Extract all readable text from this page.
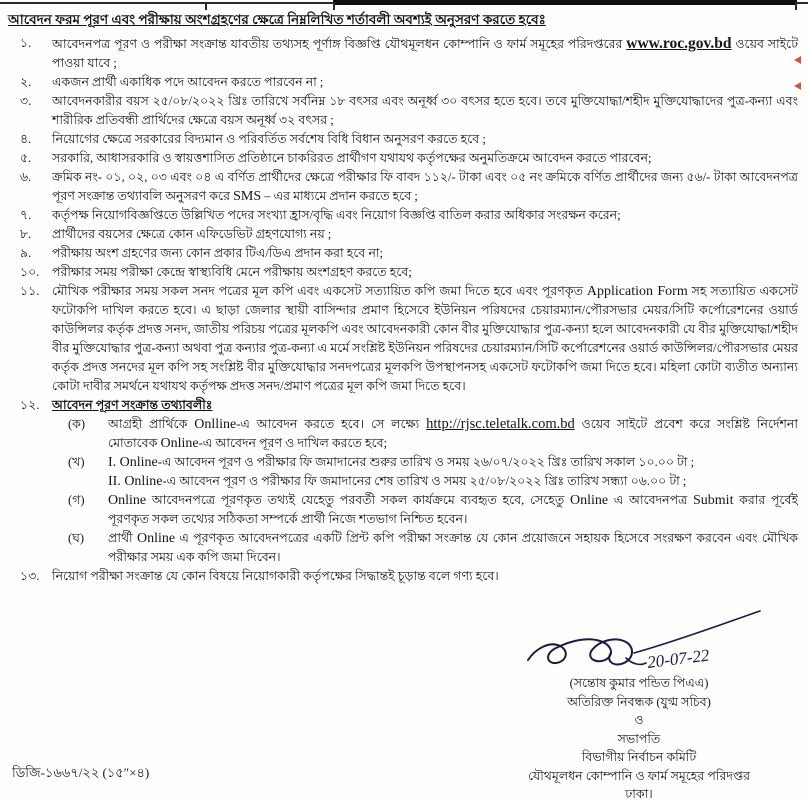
আবেদন ফরম পূরণ এবং পরীক্ষায় অংশগ্রহণের ক্ষেত্রে নিম্নলিখিত শর্তাবলী অবশ্যই অনুসরণ করতে হবেঃ
১.	আবেদনপত্র পূরণ ও পরীক্ষা সংক্রান্ত যাবতীয় তথ্যসহ পূর্ণাঙ্গ বিজ্ঞপ্তি যৌথমূলধন কোম্পানি ও ফার্ম সমূহের পরিদপ্তরের www.roc.gov.bd ওয়েব সাইটে পাওয়া যাবে ;
২.	একজন প্রার্থী একাধিক পদে আবেদন করতে পারবেন না ;
৩.	আবেদনকারীর বয়স ২৫/০৮/২০২২ খ্রিঃ তারিখে সর্বনিম্ন ১৮ বৎসর এবং অনূর্ধ্ব ৩০ বৎসর হতে হবে। তবে মুক্তিযোদ্ধা/শহীদ মুক্তিযোদ্ধাদের পুত্র-কন্যা এবং শারীরিক প্রতিবন্ধী প্রার্থিদের ক্ষেত্রে বয়স অনূর্ধ্ব ৩২ বৎসর ;
৪.	নিয়োগের ক্ষেত্রে সরকারের বিদ্যমান ও পরিবর্তিত সর্বশেষ বিধি বিধান অনুসরণ করতে হবে ;
৫.	সরকারি, আধাসরকারি ও স্বায়ত্তশাসিত প্রতিষ্ঠানে চাকরিরত প্রার্থীগণ যথাযথ কর্তৃপক্ষের অনুমতিক্রমে আবেদন করতে পারবেন;
৬.	ক্রমিক নং- ০১, ০২, ০৩ এবং ০৪ এ বর্ণিত প্রার্থীদের ক্ষেত্রে পরীক্ষার ফি বাবদ ১১২/- টাকা এবং ০৫ নং ক্রমিকে বর্ণিত প্রার্থীদের জন্য ৫৬/- টাকা আবেদনপত্র পূরণ সংক্রান্ত তথ্যাবলি অনুসরণ করে SMS – এর মাধ্যমে প্রদান করতে হবে ;
৭.	কর্তৃপক্ষ নিয়োগবিজ্ঞপ্তিতে উল্লিখিত পদের সংখ্যা হ্রাস/বৃদ্ধি এবং নিয়োগ বিজ্ঞপ্তি বাতিল করার অধিকার সংরক্ষন করেন;
৮.	প্রার্থীদের বয়সের ক্ষেত্রে কোন এফিডেভিট গ্রহণযোগ্য নয় ;
৯.	পরীক্ষায় অংশ গ্রহণের জন্য কোন প্রকার টিএ/ডিএ প্রদান করা হবে না;
১০.	পরীক্ষার সময় পরীক্ষা কেন্দ্রে স্বাস্থ্যবিধি মেনে পরীক্ষায় অংশগ্রহণ করতে হবে;
১১.	মৌখিক পরীক্ষার সময় সকল সনদ পত্রের মূল কপি এবং একসেট সত্যায়িত কপি জমা দিতে হবে এবং পূরণকৃত Application Form সহ সত্যায়িত একসেট ফটোকপি দাখিল করতে হবে। এ ছাড়া জেলার স্থায়ী বাসিন্দার প্রমাণ হিসেবে ইউনিয়ন পরিষদের চেয়ারম্যান/পৌরসভার মেয়র/সিটি কর্পোরেশনের ওয়ার্ড কাউন্সিলর কর্তৃক প্রদত্ত সনদ, জাতীয় পরিচয় পত্রের মূলকপি এবং আবেদনকারী কোন বীর মুক্তিযোদ্ধার পুত্র-কন্যা হলে আবেদনকারী যে বীর মুক্তিযোদ্ধা/শহীদ বীর মুক্তিযোদ্ধার পুত্র-কন্যা অথবা পুত্র কন্যার পুত্র-কন্যা এ মর্মে সংশ্লিষ্ট ইউনিয়ন পরিষদের চেয়ারম্যান/সিটি কর্পোরেশনের ওয়ার্ড কাউন্সিলর/পৌরসভার মেয়র কর্তৃক প্রদত্ত সনদের মূল কপি সহ সংশ্লিষ্ট বীর মুক্তিযোদ্ধার সনদপত্রের মূলকপি উপস্থাপনসহ একসেট ফটোকপি জমা দিতে হবে। মহিলা কোটা ব্যতীত অন্যান্য কোটা দাবীর সমর্থনে যথাযথ কর্তৃপক্ষ প্রদত্ত সনদ/প্রমাণ পত্রের মূল কপি জমা দিতে হবে।
১২.	আবেদন পূরণ সংক্রান্ত তথ্যাবলীঃ
(ক)	আগ্রহী প্রার্থিকে Onlline-এ আবেদন করতে হবে। সে লক্ষ্যে http://rjsc.teletalk.com.bd ওয়েব সাইটে প্রবেশ করে সংশ্লিষ্ট নির্দেশনা মোতাবেক Online-এ আবেদন পূরণ ও দাখিল করতে হবে;
(খ)	I. Online-এ আবেদন পূরণ ও পরীক্ষার ফি জমাদানের শুরুর তারিখ ও সময় ২৬/০৭/২০২২ খ্রিঃ তারিখ সকাল ১০.০০ টা ;
II. Online-এ আবেদন পূরণ ও পরীক্ষার ফি জমাদানের শেষ তারিখ ও সময় ২৫/০৮/২০২২ খ্রিঃ তারিখ সন্ধ্যা ০৬.০০ টা ;
(গ)	Online আবেদনপত্রে পূরণকৃত তথ্যই যেহেতু পরবর্তী সকল কার্যক্রমে ব্যবহৃত হবে, সেহেতু Online এ আবেদনপত্র Submit করার পূর্বেই পূরণকৃত সকল তথ্যের সঠিকতা সম্পর্কে প্রার্থী নিজে শতভাগ নিশ্চিত হবেন।
(ঘ)	প্রার্থী Online এ পূরণকৃত আবেদনপত্রের একটি প্রিন্ট কপি পরীক্ষা সংক্রান্ত যে কোন প্রয়োজনে সহায়ক হিসেবে সংরক্ষণ করবেন এবং মৌখিক পরীক্ষার সময় এক কপি জমা দিবেন।
১৩.	নিয়োগ পরীক্ষা সংক্রান্ত যে কোন বিষয়ে নিয়োগকারী কর্তৃপক্ষের সিদ্ধান্তই চূড়ান্ত বলে গণ্য হবে।
20-07-22
(সন্তোষ কুমার পন্ডিত পিএএ)
অতিরিক্ত নিবন্ধক (যুগ্ম সচিব)
ও
সভাপতি
বিভাগীয় নির্বাচন কমিটি
যৌথমূলধন কোম্পানি ও ফার্ম সমূহের পরিদপ্তর
ঢাকা।
ডিজি-১৬৬৭/২২ (১৫″×৪)
